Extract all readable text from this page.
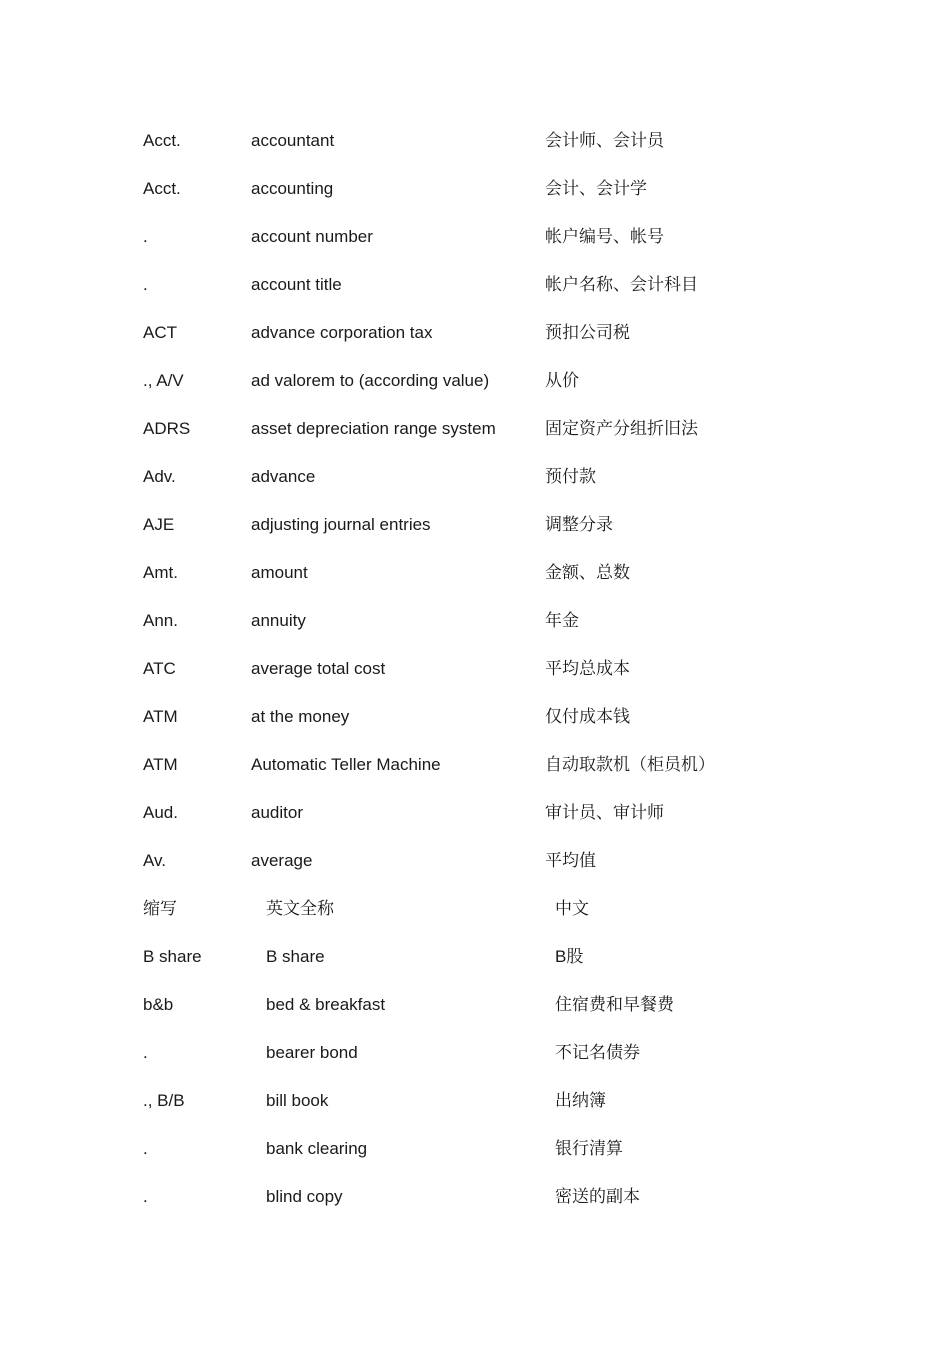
Acct.	accountant	会计师、会计员
Acct.	accounting	会计、会计学
.	account number	帐户编号、帐号
.	account title	帐户名称、会计科目
ACT	advance corporation tax	预扣公司税
., A/V	ad valorem to (according value)	从价
ADRS	asset depreciation range system	固定资产分组折旧法
Adv.	advance	预付款
AJE	adjusting journal entries	调整分录
Amt.	amount	金额、总数
Ann.	annuity	年金
ATC	average total cost	平均总成本
ATM	at the money	仅付成本钱
ATM	Automatic Teller Machine	自动取款机（柜员机）
Aud.	auditor	审计员、审计师
Av.	average	平均值
缩写	英文全称	中文
B share	B share	B股
b&b	bed & breakfast	住宿费和早餐费
.	bearer bond	不记名债券
., B/B	bill book	出纳簿
.	bank clearing	银行清算
.	blind copy	密送的副本
